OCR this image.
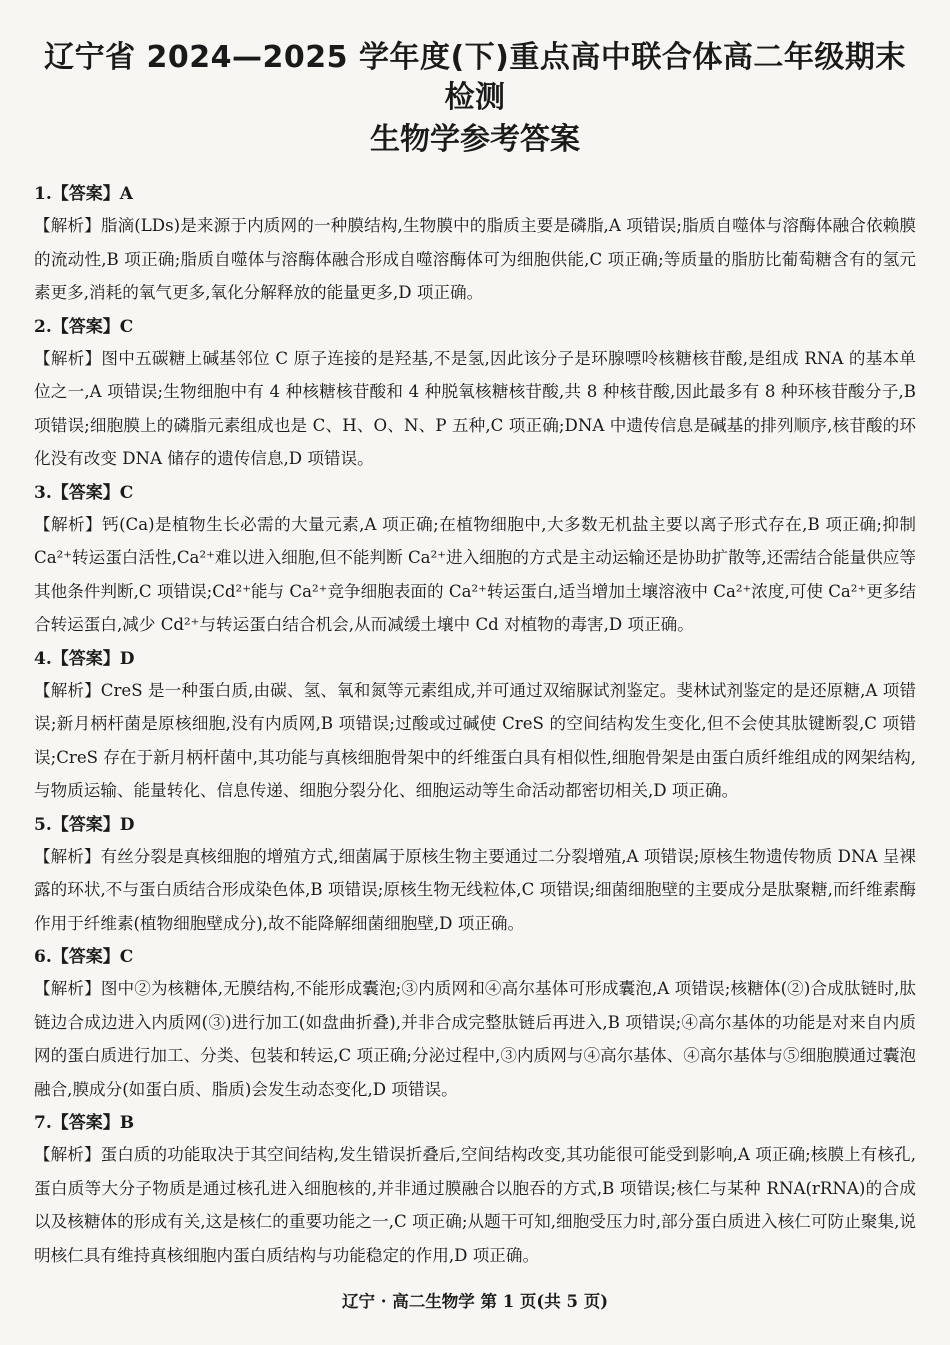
辽宁省 2024—2025 学年度(下)重点高中联合体高二年级期末检测
生物学参考答案

1.【答案】A

【解析】脂滴(LDs)是来源于内质网的一种膜结构,生物膜中的脂质主要是磷脂,A 项错误;脂质自噬体与溶酶体融合依赖膜的流动性,B 项正确;脂质自噬体与溶酶体融合形成自噬溶酶体可为细胞供能,C 项正确;等质量的脂肪比葡萄糖含有的氢元素更多,消耗的氧气更多,氧化分解释放的能量更多,D 项正确。

2.【答案】C

【解析】图中五碳糖上碱基邻位 C 原子连接的是羟基,不是氢,因此该分子是环腺嘌呤核糖核苷酸,是组成 RNA 的基本单位之一,A 项错误;生物细胞中有 4 种核糖核苷酸和 4 种脱氧核糖核苷酸,共 8 种核苷酸,因此最多有 8 种环核苷酸分子,B 项错误;细胞膜上的磷脂元素组成也是 C、H、O、N、P 五种,C 项正确;DNA 中遗传信息是碱基的排列顺序,核苷酸的环化没有改变 DNA 储存的遗传信息,D 项错误。

3.【答案】C

【解析】钙(Ca)是植物生长必需的大量元素,A 项正确;在植物细胞中,大多数无机盐主要以离子形式存在,B 项正确;抑制 Ca²⁺转运蛋白活性,Ca²⁺难以进入细胞,但不能判断 Ca²⁺进入细胞的方式是主动运输还是协助扩散等,还需结合能量供应等其他条件判断,C 项错误;Cd²⁺能与 Ca²⁺竞争细胞表面的 Ca²⁺转运蛋白,适当增加土壤溶液中 Ca²⁺浓度,可使 Ca²⁺更多结合转运蛋白,减少 Cd²⁺与转运蛋白结合机会,从而减缓土壤中 Cd 对植物的毒害,D 项正确。

4.【答案】D

【解析】CreS 是一种蛋白质,由碳、氢、氧和氮等元素组成,并可通过双缩脲试剂鉴定。斐林试剂鉴定的是还原糖,A 项错误;新月柄杆菌是原核细胞,没有内质网,B 项错误;过酸或过碱使 CreS 的空间结构发生变化,但不会使其肽键断裂,C 项错误;CreS 存在于新月柄杆菌中,其功能与真核细胞骨架中的纤维蛋白具有相似性,细胞骨架是由蛋白质纤维组成的网架结构,与物质运输、能量转化、信息传递、细胞分裂分化、细胞运动等生命活动都密切相关,D 项正确。

5.【答案】D

【解析】有丝分裂是真核细胞的增殖方式,细菌属于原核生物主要通过二分裂增殖,A 项错误;原核生物遗传物质 DNA 呈裸露的环状,不与蛋白质结合形成染色体,B 项错误;原核生物无线粒体,C 项错误;细菌细胞壁的主要成分是肽聚糖,而纤维素酶作用于纤维素(植物细胞壁成分),故不能降解细菌细胞壁,D 项正确。

6.【答案】C

【解析】图中②为核糖体,无膜结构,不能形成囊泡;③内质网和④高尔基体可形成囊泡,A 项错误;核糖体(②)合成肽链时,肽链边合成边进入内质网(③)进行加工(如盘曲折叠),并非合成完整肽链后再进入,B 项错误;④高尔基体的功能是对来自内质网的蛋白质进行加工、分类、包装和转运,C 项正确;分泌过程中,③内质网与④高尔基体、④高尔基体与⑤细胞膜通过囊泡融合,膜成分(如蛋白质、脂质)会发生动态变化,D 项错误。

7.【答案】B

【解析】蛋白质的功能取决于其空间结构,发生错误折叠后,空间结构改变,其功能很可能受到影响,A 项正确;核膜上有核孔,蛋白质等大分子物质是通过核孔进入细胞核的,并非通过膜融合以胞吞的方式,B 项错误;核仁与某种 RNA(rRNA)的合成以及核糖体的形成有关,这是核仁的重要功能之一,C 项正确;从题干可知,细胞受压力时,部分蛋白质进入核仁可防止聚集,说明核仁具有维持真核细胞内蛋白质结构与功能稳定的作用,D 项正确。

辽宁 · 高二生物学 第 1 页(共 5 页)
